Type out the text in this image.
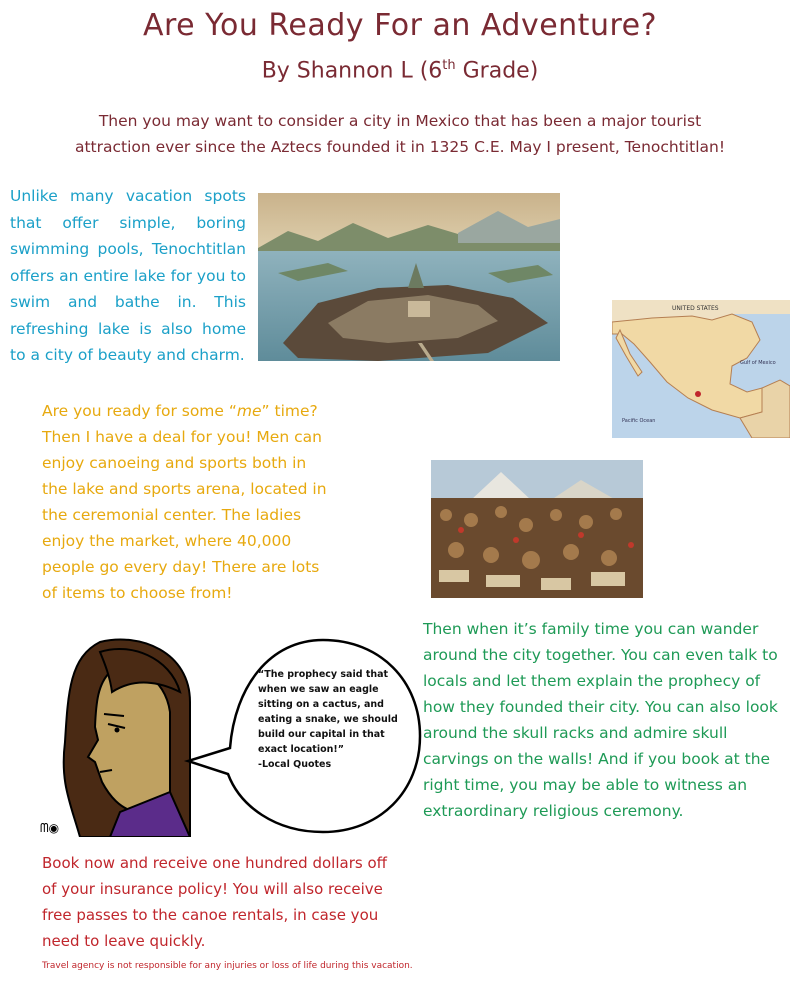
Are You Ready For an Adventure?
By Shannon L (6th Grade)
Then you may want to consider a city in Mexico that has been a major tourist attraction ever since the Aztecs founded it in 1325 C.E. May I present, Tenochtitlan!
Unlike many vacation spots that offer simple, boring swimming pools, Tenochtitlan offers an entire lake for you to swim and bathe in. This refreshing lake is also home to a city of beauty and charm.
UNITED STATES
Gulf of Mexico
Pacific Ocean
Are you ready for some “me” time? Then I have a deal for you! Men can enjoy canoeing and sports both in the lake and sports arena, located in the ceremonial center. The ladies enjoy the market, where 40,000 people go every day! There are lots of items to choose from!
Then when it’s family time you can wander around the city together. You can even talk to locals and let them explain the prophecy of how they founded their city. You can also look around the skull racks and admire skull carvings on the walls! And if you book at the right time, you may be able to witness an extraordinary religious ceremony.
ᗰ◉
“The prophecy said that when we saw an eagle sitting on a cactus, and eating a snake, we should build our capital in that exact location!”
-Local Quotes
Book now and receive one hundred dollars off of your insurance policy! You will also receive free passes to the canoe rentals, in case you need to leave quickly.
Travel agency is not responsible for any injuries or loss of life during this vacation.
